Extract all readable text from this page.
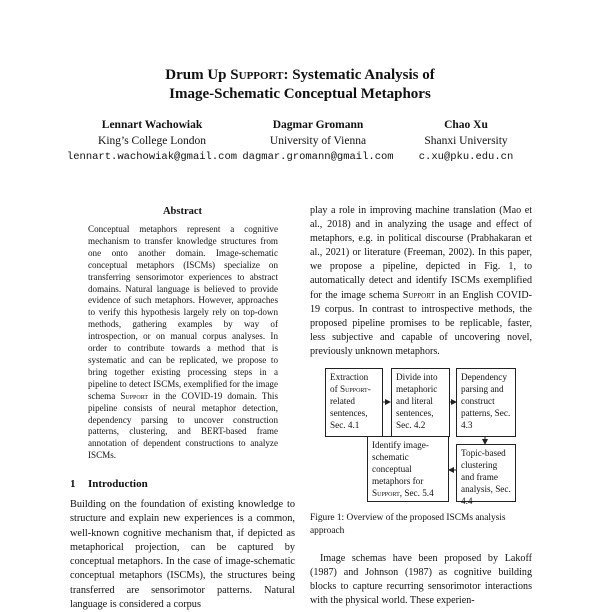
Drum Up Support: Systematic Analysis of
Image-Schematic Conceptual Metaphors
Lennart Wachowiak
King’s College London
lennart.wachowiak@gmail.com
Dagmar Gromann
University of Vienna
dagmar.gromann@gmail.com
Chao Xu
Shanxi University
c.xu@pku.edu.cn
Abstract
Conceptual metaphors represent a cognitive mechanism to transfer knowledge structures from one onto another domain. Image-schematic conceptual metaphors (ISCMs) specialize on transferring sensorimotor experiences to abstract domains. Natural language is believed to provide evidence of such metaphors. However, approaches to verify this hypothesis largely rely on top-down methods, gathering examples by way of introspection, or on manual corpus analyses. In order to contribute towards a method that is systematic and can be replicated, we propose to bring together existing processing steps in a pipeline to detect ISCMs, exemplified for the image schema Support in the COVID-19 domain. This pipeline consists of neural metaphor detection, dependency parsing to uncover construction patterns, clustering, and BERT-based frame annotation of dependent constructions to analyze ISCMs.
1 Introduction
Building on the foundation of existing knowledge to structure and explain new experiences is a common, well-known cognitive mechanism that, if depicted as metaphorical projection, can be captured by conceptual metaphors. In the case of image-schematic conceptual metaphors (ISCMs), the structures being transferred are sensorimotor patterns. Natural language is considered a corpus
play a role in improving machine translation (Mao et al., 2018) and in analyzing the usage and effect of metaphors, e.g. in political discourse (Prabhakaran et al., 2021) or literature (Freeman, 2002). In this paper, we propose a pipeline, depicted in Fig. 1, to automatically detect and identify ISCMs exemplified for the image schema Support in an English COVID-19 corpus. In contrast to introspective methods, the proposed pipeline promises to be replicable, faster, less subjective and capable of uncovering novel, previously unknown metaphors.
Extraction of Support-related sentences, Sec. 4.1
Divide into metaphoric and literal sentences, Sec. 4.2
Dependency parsing and construct patterns, Sec. 4.3
Topic-based clustering and frame analysis, Sec. 4.4
Identify image-schematic conceptual metaphors for Support, Sec. 5.4
Figure 1: Overview of the proposed ISCMs analysis approach
Image schemas have been proposed by Lakoff (1987) and Johnson (1987) as cognitive building blocks to capture recurring sensorimotor interactions with the physical world. These experien-
